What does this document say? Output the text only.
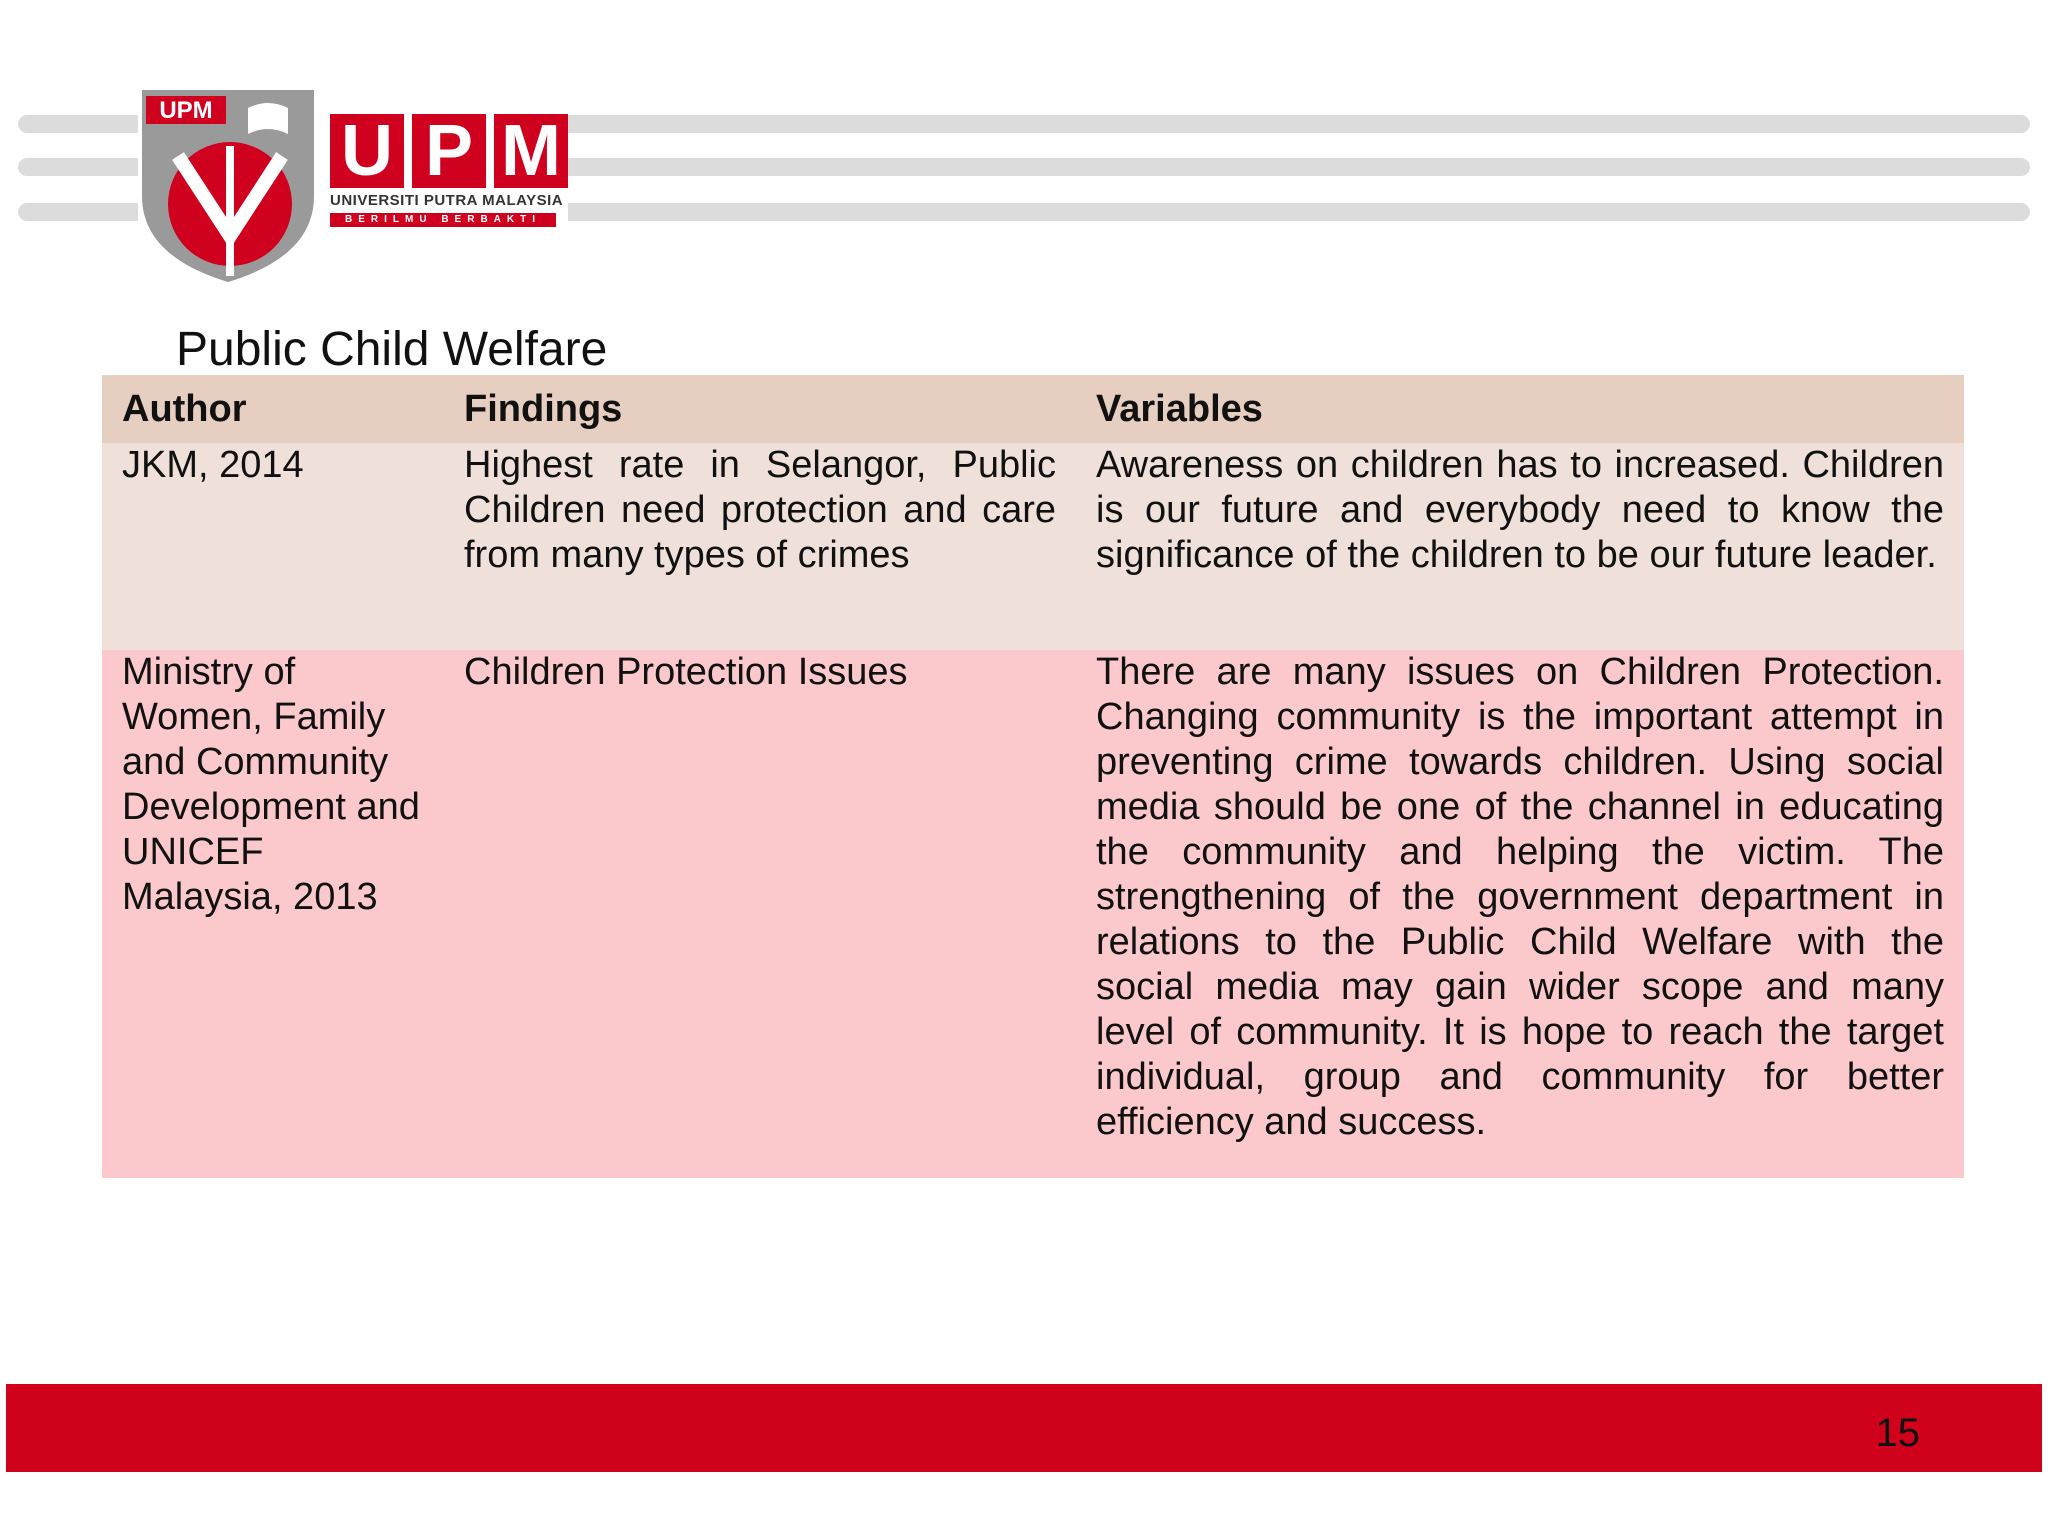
UPM
U P M
UNIVERSITI PUTRA MALAYSIA
BERILMU BERBAKTI
Public Child Welfare
Author	Findings	Variables
JKM, 2014	Highest rate in Selangor, Public Children need protection and care from many types of crimes	Awareness on children has to increased. Children is our future and everybody need to know the significance of the children to be our future leader.
Ministry of Women, Family and Community Development and UNICEF Malaysia, 2013	Children Protection Issues	There are many issues on Children Protection. Changing community is the important attempt in preventing crime towards children. Using social media should be one of the channel in educating the community and helping the victim. The strengthening of the government department in relations to the Public Child Welfare with the social media may gain wider scope and many level of community. It is hope to reach the target individual, group and community for better efficiency and success.
15
